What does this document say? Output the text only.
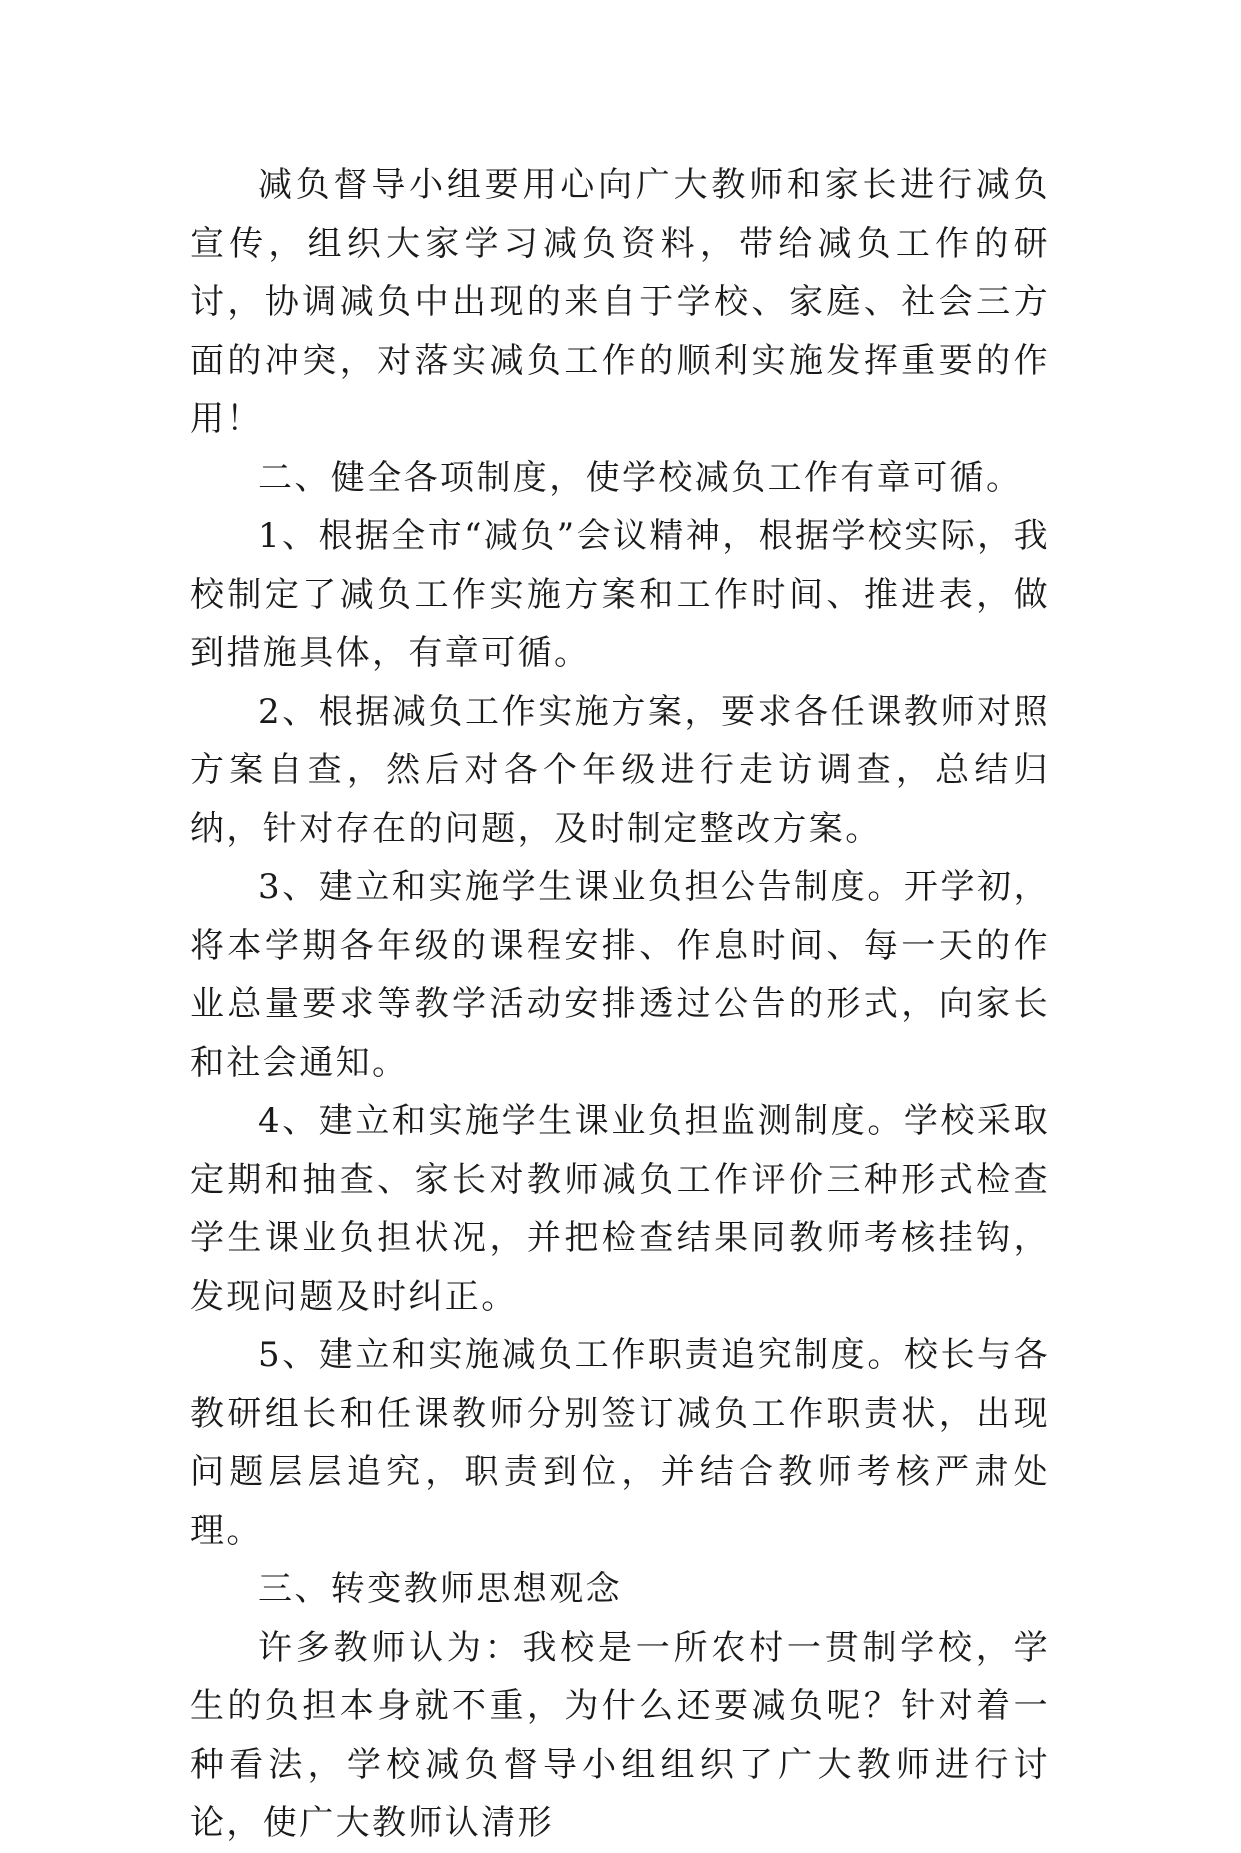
减负督导小组要用心向广大教师和家长进行减负宣传，组织大家学习减负资料，带给减负工作的研讨，协调减负中出现的来自于学校、家庭、社会三方面的冲突，对落实减负工作的顺利实施发挥重要的作用！

二、健全各项制度，使学校减负工作有章可循。

1、根据全市“减负”会议精神，根据学校实际，我校制定了减负工作实施方案和工作时间、推进表，做到措施具体，有章可循。

2、根据减负工作实施方案，要求各任课教师对照方案自查，然后对各个年级进行走访调查，总结归纳，针对存在的问题，及时制定整改方案。

3、建立和实施学生课业负担公告制度。开学初，将本学期各年级的课程安排、作息时间、每一天的作业总量要求等教学活动安排透过公告的形式，向家长和社会通知。

4、建立和实施学生课业负担监测制度。学校采取定期和抽查、家长对教师减负工作评价三种形式检查学生课业负担状况，并把检查结果同教师考核挂钩，发现问题及时纠正。

5、建立和实施减负工作职责追究制度。校长与各教研组长和任课教师分别签订减负工作职责状，出现问题层层追究，职责到位，并结合教师考核严肃处理。

三、转变教师思想观念

许多教师认为：我校是一所农村一贯制学校，学生的负担本身就不重，为什么还要减负呢？针对着一种看法，学校减负督导小组组织了广大教师进行讨论，使广大教师认清形
